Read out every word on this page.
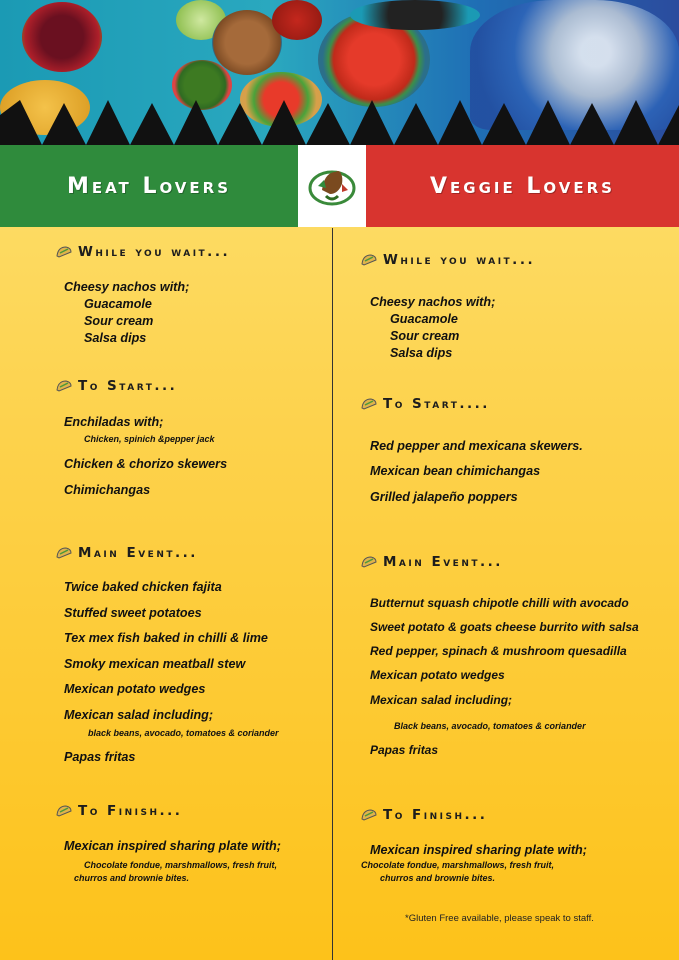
Meat Lovers	Veggie Lovers
While you wait...
Cheesy nachos with;
Guacamole
Sour cream
Salsa dips
To Start...
Enchiladas with;
Chicken, spinich &pepper jack
Chicken & chorizo skewers
Chimichangas
Main Event...
Twice baked chicken fajita
Stuffed sweet potatoes
Tex mex fish baked in chilli & lime
Smoky mexican meatball stew
Mexican potato wedges
Mexican salad including;
black beans, avocado, tomatoes & coriander
Papas fritas
To Finish...
Mexican inspired sharing plate with;
Chocolate fondue, marshmallows, fresh fruit,
churros and brownie bites.
While you wait...
Cheesy nachos with;
Guacamole
Sour cream
Salsa dips
To Start....
Red pepper and mexicana skewers.
Mexican bean chimichangas
Grilled jalapeño poppers
Main Event...
Butternut squash chipotle chilli with avocado
Sweet potato & goats cheese burrito with salsa
Red pepper, spinach & mushroom quesadilla
Mexican potato wedges
Mexican salad including;
Black beans, avocado, tomatoes & coriander
Papas fritas
To Finish...
Mexican inspired sharing plate with;
Chocolate fondue, marshmallows, fresh fruit,
churros and brownie bites.
*Gluten Free available, please speak to staff.
